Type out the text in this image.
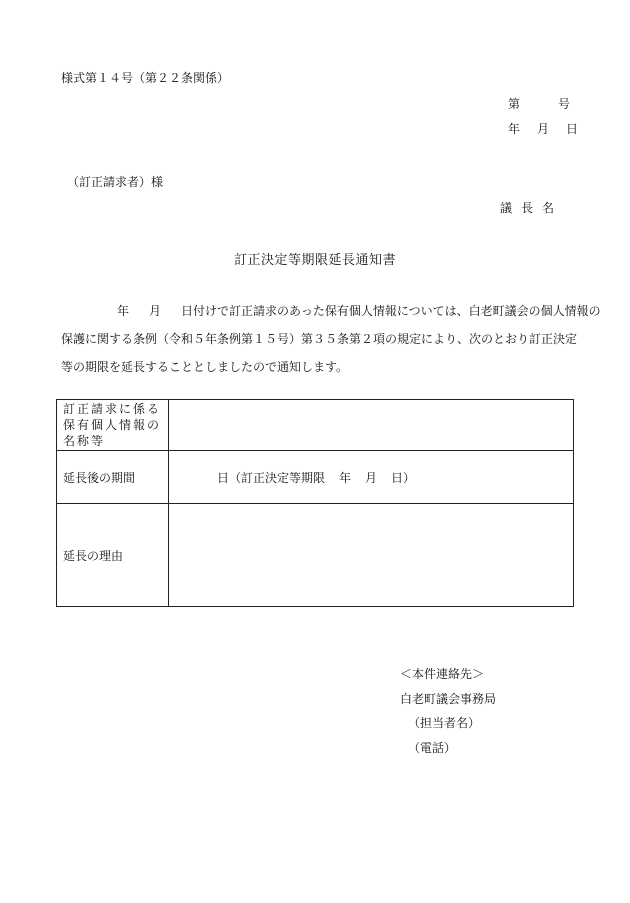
様式第１４号（第２２条関係）
第	号
年 月 日
（訂正請求者）様
議長名
訂正決定等期限延長通知書
年 月 日付けで訂正請求のあった保有個人情報については、白老町議会の個人情報の
保護に関する条例（令和５年条例第１５号）第３５条第２項の規定により、次のとおり訂正決定
等の期限を延長することとしましたので通知します。
訂正請求に係る保有個人情報の名称等	
延長後の期間	日（訂正決定等期限 年 月 日）
延長の理由	
＜本件連絡先＞
白老町議会事務局
（担当者名）
（電話）
